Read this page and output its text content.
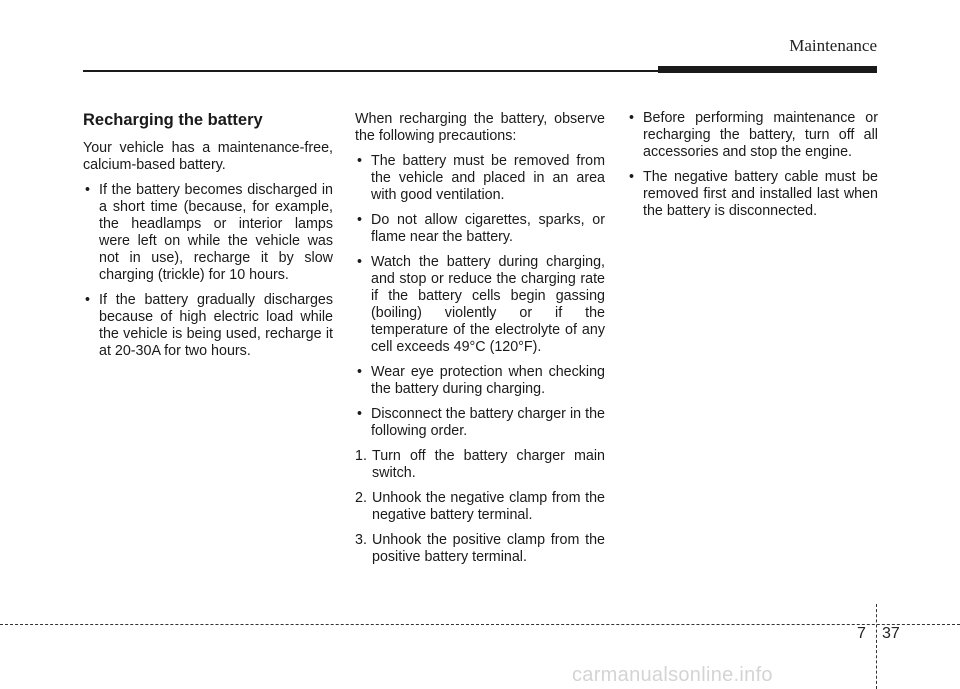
Maintenance
Recharging the battery

Your vehicle has a maintenance-free, calcium-based battery.

• If the battery becomes discharged in a short time (because, for example, the headlamps or interior lamps were left on while the vehicle was not in use), recharge it by slow charging (trickle) for 10 hours.
• If the battery gradually discharges because of high electric load while the vehicle is being used, recharge it at 20-30A for two hours.

When recharging the battery, observe the following precautions:

• The battery must be removed from the vehicle and placed in an area with good ventilation.
• Do not allow cigarettes, sparks, or flame near the battery.
• Watch the battery during charging, and stop or reduce the charging rate if the battery cells begin gassing (boiling) violently or if the temperature of the electrolyte of any cell exceeds 49°C (120°F).
• Wear eye protection when checking the battery during charging.
• Disconnect the battery charger in the following order.
1. Turn off the battery charger main switch.
2. Unhook the negative clamp from the negative battery terminal.
3. Unhook the positive clamp from the positive battery terminal.
• Before performing maintenance or recharging the battery, turn off all accessories and stop the engine.
• The negative battery cable must be removed first and installed last when the battery is disconnected.
7 37
carmanualsonline.info
